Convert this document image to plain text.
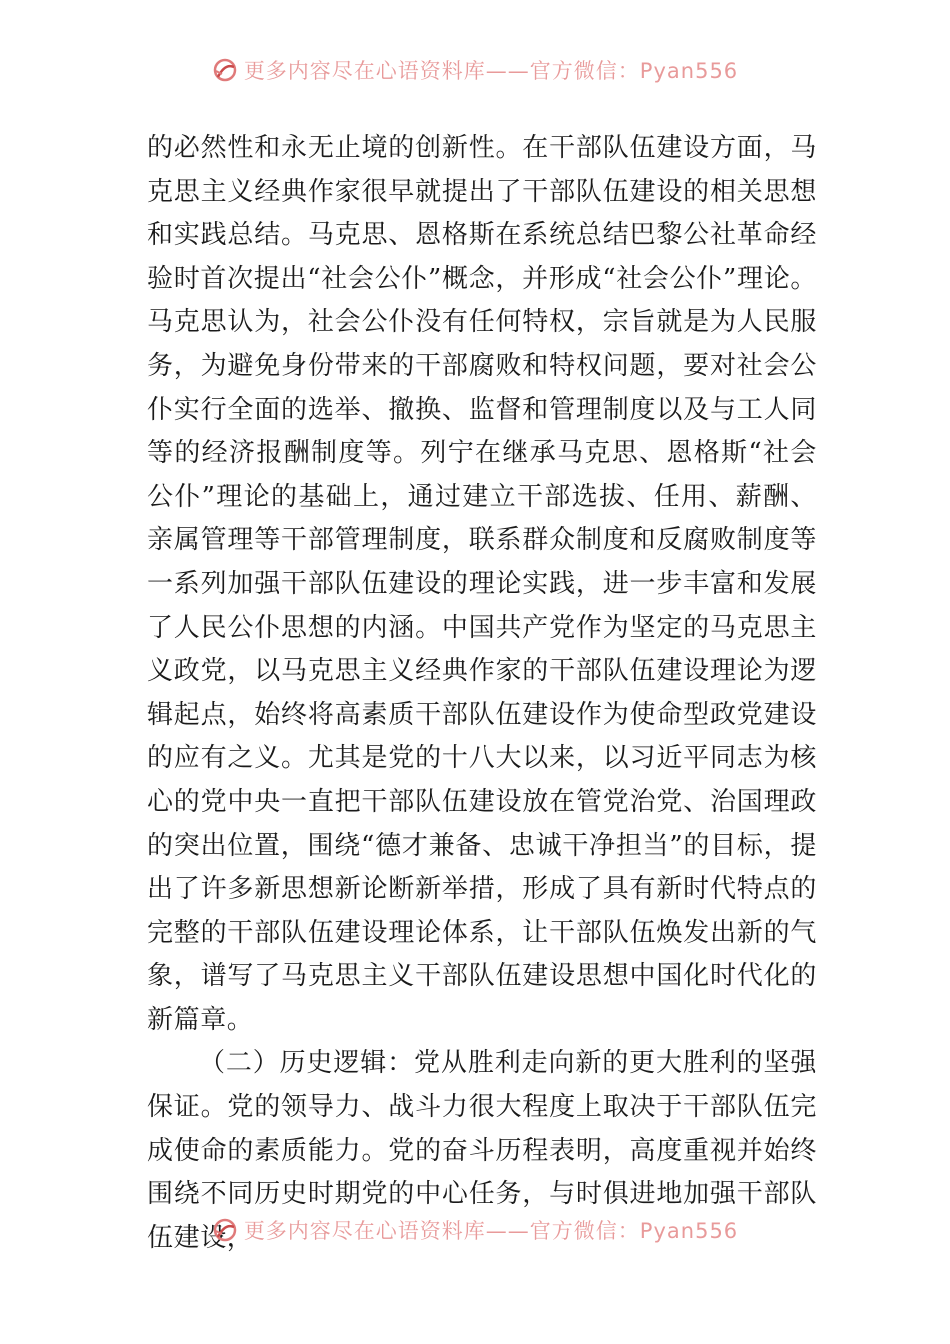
更多内容尽在心语资料库——官方微信：Pyan556

的必然性和永无止境的创新性。在干部队伍建设方面，马克思主义经典作家很早就提出了干部队伍建设的相关思想和实践总结。马克思、恩格斯在系统总结巴黎公社革命经验时首次提出“社会公仆”概念，并形成“社会公仆”理论。马克思认为，社会公仆没有任何特权，宗旨就是为人民服务，为避免身份带来的干部腐败和特权问题，要对社会公仆实行全面的选举、撤换、监督和管理制度以及与工人同等的经济报酬制度等。列宁在继承马克思、恩格斯“社会公仆”理论的基础上，通过建立干部选拔、任用、薪酬、亲属管理等干部管理制度，联系群众制度和反腐败制度等一系列加强干部队伍建设的理论实践，进一步丰富和发展了人民公仆思想的内涵。中国共产党作为坚定的马克思主义政党，以马克思主义经典作家的干部队伍建设理论为逻辑起点，始终将高素质干部队伍建设作为使命型政党建设的应有之义。尤其是党的十八大以来，以习近平同志为核心的党中央一直把干部队伍建设放在管党治党、治国理政的突出位置，围绕“德才兼备、忠诚干净担当”的目标，提出了许多新思想新论断新举措，形成了具有新时代特点的完整的干部队伍建设理论体系，让干部队伍焕发出新的气象，谱写了马克思主义干部队伍建设思想中国化时代化的新篇章。

（二）历史逻辑：党从胜利走向新的更大胜利的坚强保证。党的领导力、战斗力很大程度上取决于干部队伍完成使命的素质能力。党的奋斗历程表明，高度重视并始终围绕不同历史时期党的中心任务，与时俱进地加强干部队伍建设，

更多内容尽在心语资料库——官方微信：Pyan556
